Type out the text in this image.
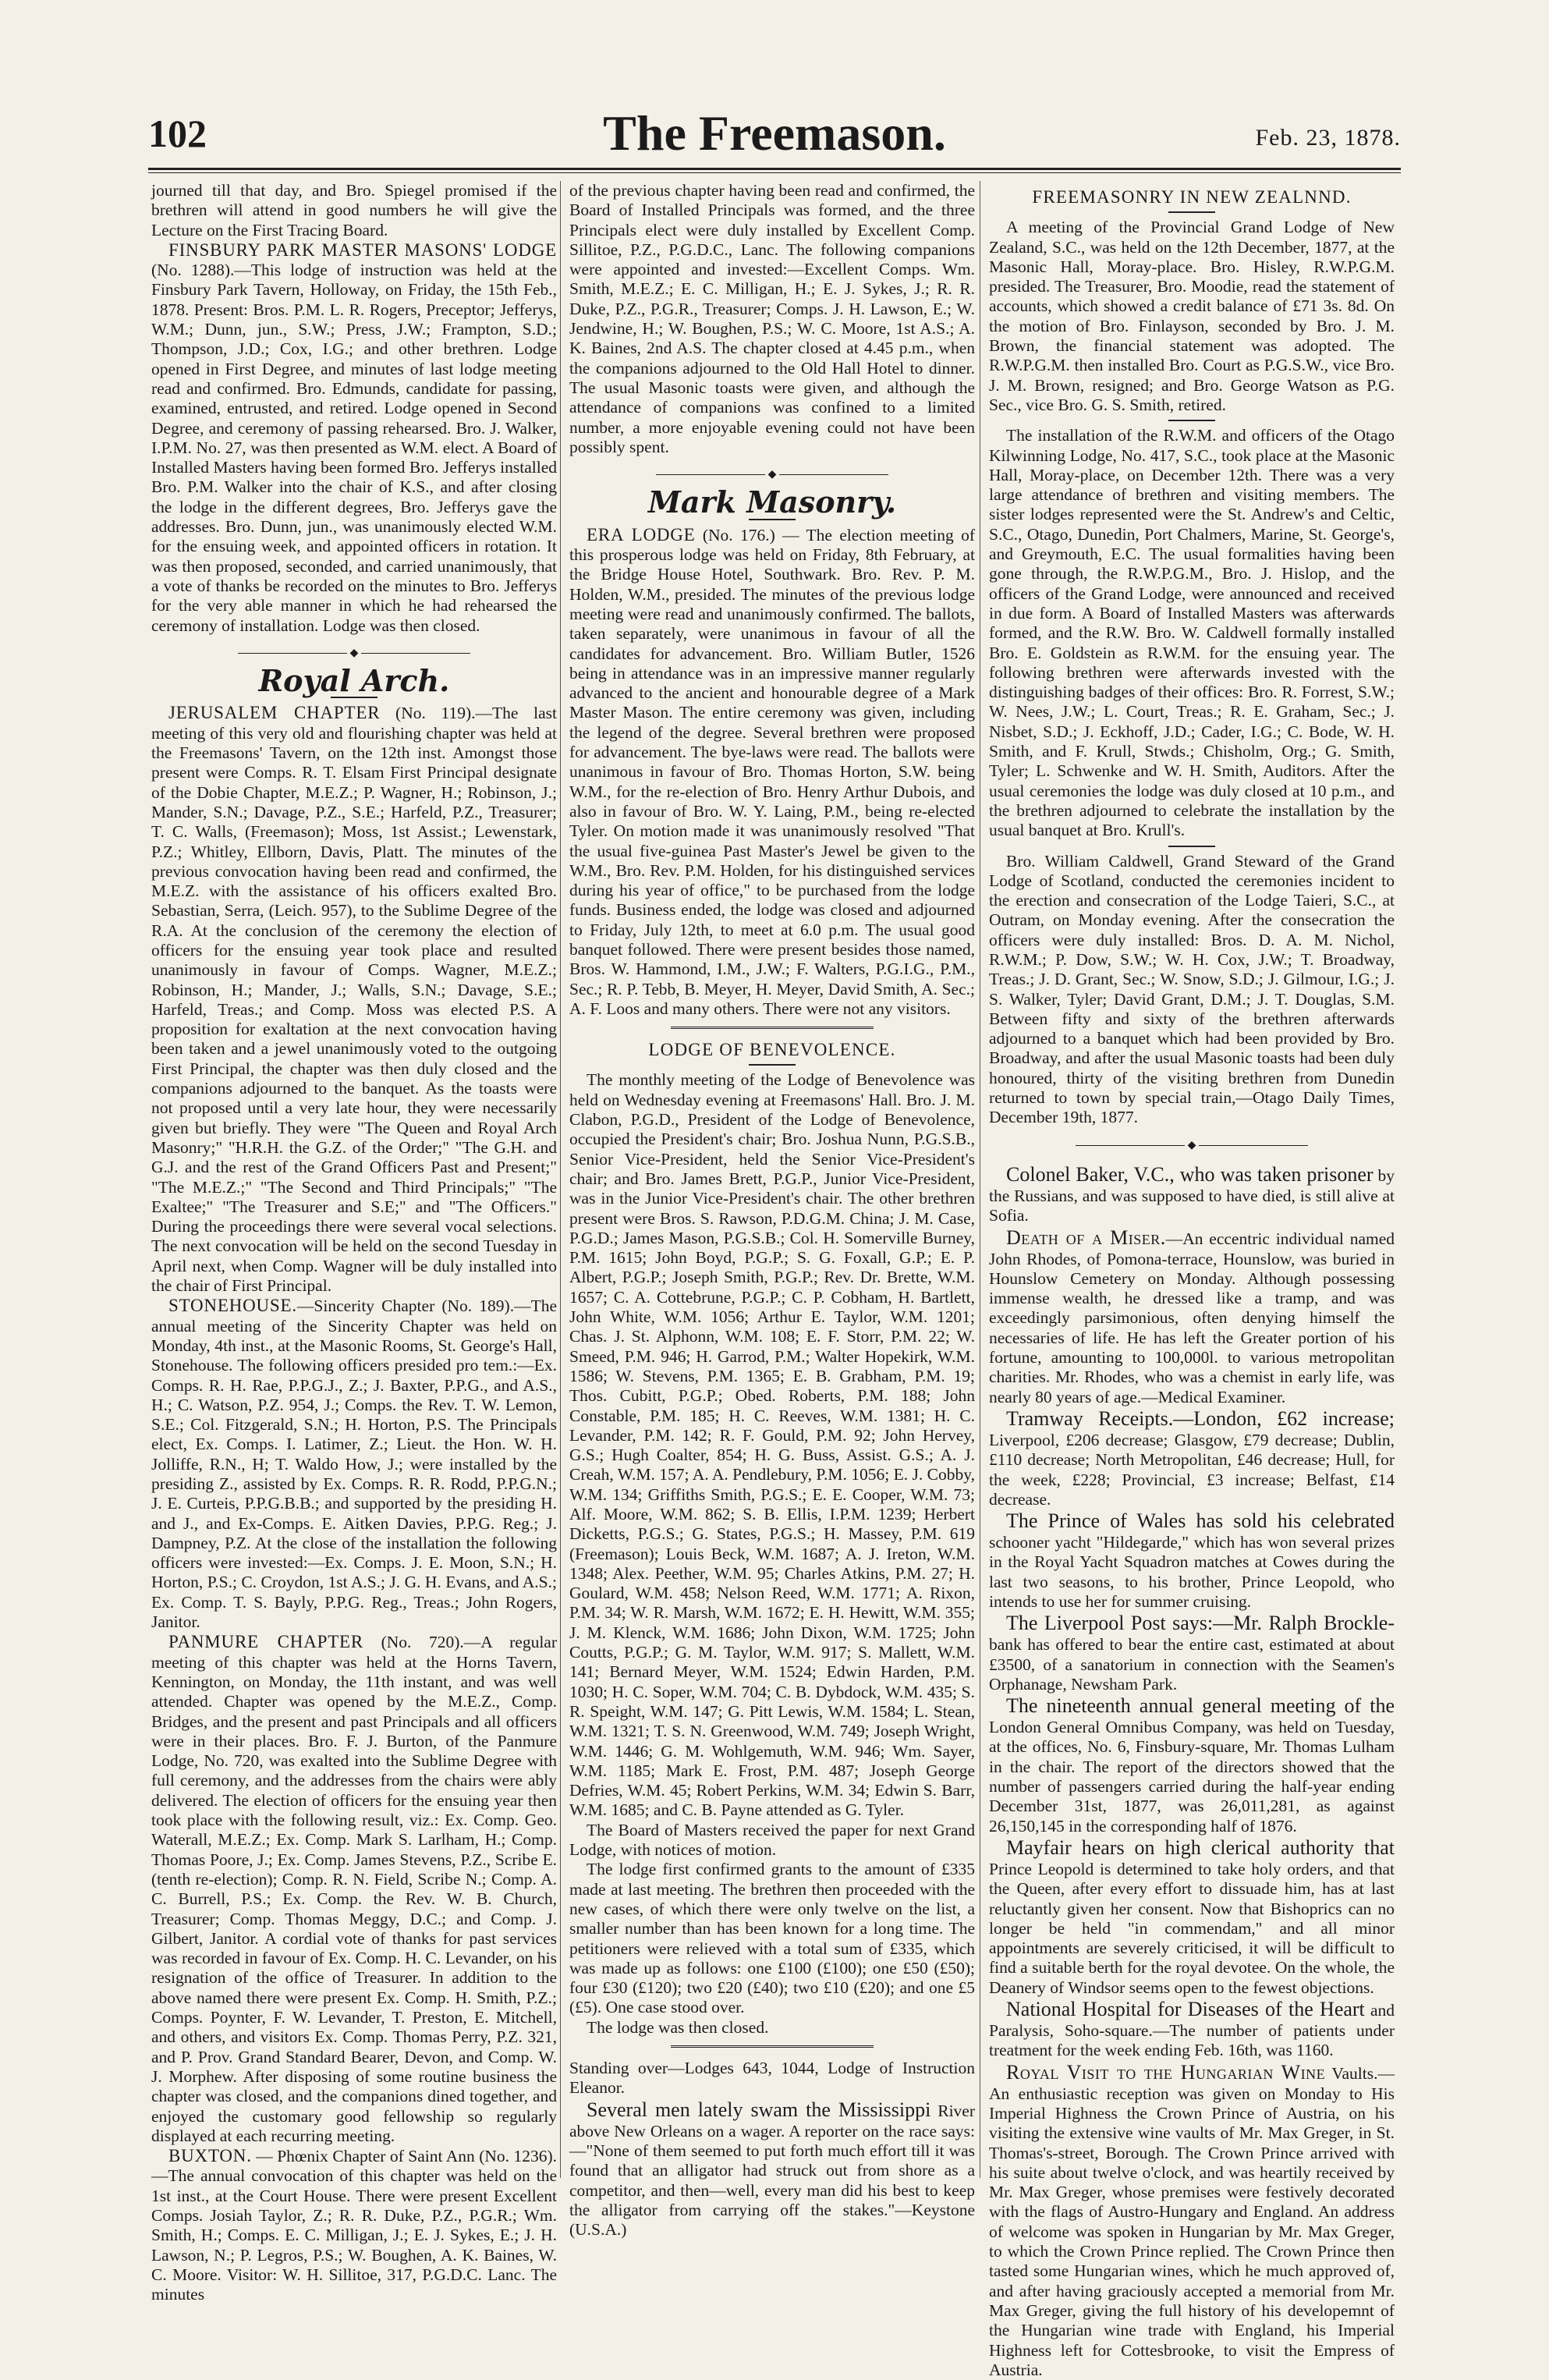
102	The Freemason.	Feb. 23, 1878.

journed till that day, and Bro. Spiegel promised if the brethren will attend in good numbers he will give the Lecture on the First Tracing Board.

FINSBURY PARK MASTER MASONS' LODGE (No. 1288).—This lodge of instruction was held at the Finsbury Park Tavern, Holloway, on Friday, the 15th Feb., 1878. Present: Bros. P.M. L. R. Rogers, Preceptor; Jefferys, W.M.; Dunn, jun., S.W.; Press, J.W.; Frampton, S.D.; Thompson, J.D.; Cox, I.G.; and other brethren. Lodge opened in First Degree, and minutes of last lodge meeting read and confirmed. Bro. Edmunds, candidate for passing, examined, entrusted, and retired. Lodge opened in Second Degree, and ceremony of passing rehearsed. Bro. J. Walker, I.P.M. No. 27, was then presented as W.M. elect. A Board of Installed Masters having been formed Bro. Jefferys installed Bro. P.M. Walker into the chair of K.S., and after closing the lodge in the different degrees, Bro. Jefferys gave the addresses. Bro. Dunn, jun., was unanimously elected W.M. for the ensuing week, and appointed officers in rotation. It was then proposed, seconded, and carried unanimously, that a vote of thanks be recorded on the minutes to Bro. Jefferys for the very able manner in which he had rehearsed the ceremony of installation. Lodge was then closed.

◆
Royal Arch.

JERUSALEM CHAPTER (No. 119).—The last meeting of this very old and flourishing chapter was held at the Freemasons' Tavern, on the 12th inst. Amongst those present were Comps. R. T. Elsam First Principal designate of the Dobie Chapter, M.E.Z.; P. Wagner, H.; Robinson, J.; Mander, S.N.; Davage, P.Z., S.E.; Harfeld, P.Z., Treasurer; T. C. Walls, (Freemason); Moss, 1st Assist.; Lewenstark, P.Z.; Whitley, Ellborn, Davis, Platt. The minutes of the previous convocation having been read and confirmed, the M.E.Z. with the assistance of his officers exalted Bro. Sebastian, Serra, (Leich. 957), to the Sublime Degree of the R.A. At the conclusion of the ceremony the election of officers for the ensuing year took place and resulted unanimously in favour of Comps. Wagner, M.E.Z.; Robinson, H.; Mander, J.; Walls, S.N.; Davage, S.E.; Harfeld, Treas.; and Comp. Moss was elected P.S. A proposition for exaltation at the next convocation having been taken and a jewel unanimously voted to the outgoing First Principal, the chapter was then duly closed and the companions adjourned to the banquet. As the toasts were not proposed until a very late hour, they were necessarily given but briefly. They were "The Queen and Royal Arch Masonry;" "H.R.H. the G.Z. of the Order;" "The G.H. and G.J. and the rest of the Grand Officers Past and Present;" "The M.E.Z.;" "The Second and Third Principals;" "The Exaltee;" "The Treasurer and S.E;" and "The Officers." During the proceedings there were several vocal selections. The next convocation will be held on the second Tuesday in April next, when Comp. Wagner will be duly installed into the chair of First Principal.

STONEHOUSE.—Sincerity Chapter (No. 189).—The annual meeting of the Sincerity Chapter was held on Monday, 4th inst., at the Masonic Rooms, St. George's Hall, Stonehouse. The following officers presided pro tem.:—Ex. Comps. R. H. Rae, P.P.G.J., Z.; J. Baxter, P.P.G., and A.S., H.; C. Watson, P.Z. 954, J.; Comps. the Rev. T. W. Lemon, S.E.; Col. Fitzgerald, S.N.; H. Horton, P.S. The Principals elect, Ex. Comps. I. Latimer, Z.; Lieut. the Hon. W. H. Jolliffe, R.N., H; T. Waldo How, J.; were installed by the presiding Z., assisted by Ex. Comps. R. R. Rodd, P.P.G.N.; J. E. Curteis, P.P.G.B.B.; and supported by the presiding H. and J., and Ex-Comps. E. Aitken Davies, P.P.G. Reg.; J. Dampney, P.Z. At the close of the installation the following officers were invested:—Ex. Comps. J. E. Moon, S.N.; H. Horton, P.S.; C. Croydon, 1st A.S.; J. G. H. Evans, and A.S.; Ex. Comp. T. S. Bayly, P.P.G. Reg., Treas.; John Rogers, Janitor.

PANMURE CHAPTER (No. 720).—A regular meeting of this chapter was held at the Horns Tavern, Kennington, on Monday, the 11th instant, and was well attended. Chapter was opened by the M.E.Z., Comp. Bridges, and the present and past Principals and all officers were in their places. Bro. F. J. Burton, of the Panmure Lodge, No. 720, was exalted into the Sublime Degree with full ceremony, and the addresses from the chairs were ably delivered. The election of officers for the ensuing year then took place with the following result, viz.: Ex. Comp. Geo. Waterall, M.E.Z.; Ex. Comp. Mark S. Larlham, H.; Comp. Thomas Poore, J.; Ex. Comp. James Stevens, P.Z., Scribe E. (tenth re-election); Comp. R. N. Field, Scribe N.; Comp. A. C. Burrell, P.S.; Ex. Comp. the Rev. W. B. Church, Treasurer; Comp. Thomas Meggy, D.C.; and Comp. J. Gilbert, Janitor. A cordial vote of thanks for past services was recorded in favour of Ex. Comp. H. C. Levander, on his resignation of the office of Treasurer. In addition to the above named there were present Ex. Comp. H. Smith, P.Z.; Comps. Poynter, F. W. Levander, T. Preston, E. Mitchell, and others, and visitors Ex. Comp. Thomas Perry, P.Z. 321, and P. Prov. Grand Standard Bearer, Devon, and Comp. W. J. Morphew. After disposing of some routine business the chapter was closed, and the companions dined together, and enjoyed the customary good fellowship so regularly displayed at each recurring meeting.

BUXTON. — Phœnix Chapter of Saint Ann (No. 1236).—The annual convocation of this chapter was held on the 1st inst., at the Court House. There were present Excellent Comps. Josiah Taylor, Z.; R. R. Duke, P.Z., P.G.R.; Wm. Smith, H.; Comps. E. C. Milligan, J.; E. J. Sykes, E.; J. H. Lawson, N.; P. Legros, P.S.; W. Boughen, A. K. Baines, W. C. Moore. Visitor: W. H. Sillitoe, 317, P.G.D.C. Lanc. The minutes

of the previous chapter having been read and confirmed, the Board of Installed Principals was formed, and the three Principals elect were duly installed by Excellent Comp. Sillitoe, P.Z., P.G.D.C., Lanc. The following companions were appointed and invested:—Excellent Comps. Wm. Smith, M.E.Z.; E. C. Milligan, H.; E. J. Sykes, J.; R. R. Duke, P.Z., P.G.R., Treasurer; Comps. J. H. Lawson, E.; W. Jendwine, H.; W. Boughen, P.S.; W. C. Moore, 1st A.S.; A. K. Baines, 2nd A.S. The chapter closed at 4.45 p.m., when the companions adjourned to the Old Hall Hotel to dinner. The usual Masonic toasts were given, and although the attendance of companions was confined to a limited number, a more enjoyable evening could not have been possibly spent.

◆
Mark Masonry.

ERA LODGE (No. 176.) — The election meeting of this prosperous lodge was held on Friday, 8th February, at the Bridge House Hotel, Southwark. Bro. Rev. P. M. Holden, W.M., presided. The minutes of the previous lodge meeting were read and unanimously confirmed. The ballots, taken separately, were unanimous in favour of all the candidates for advancement. Bro. William Butler, 1526 being in attendance was in an impressive manner regularly advanced to the ancient and honourable degree of a Mark Master Mason. The entire ceremony was given, including the legend of the degree. Several brethren were proposed for advancement. The bye-laws were read. The ballots were unanimous in favour of Bro. Thomas Horton, S.W. being W.M., for the re-election of Bro. Henry Arthur Dubois, and also in favour of Bro. W. Y. Laing, P.M., being re-elected Tyler. On motion made it was unanimously resolved "That the usual five-guinea Past Master's Jewel be given to the W.M., Bro. Rev. P.M. Holden, for his distinguished services during his year of office," to be purchased from the lodge funds. Business ended, the lodge was closed and adjourned to Friday, July 12th, to meet at 6.0 p.m. The usual good banquet followed. There were present besides those named, Bros. W. Hammond, I.M., J.W.; F. Walters, P.G.I.G., P.M., Sec.; R. P. Tebb, B. Meyer, H. Meyer, David Smith, A. Sec.; A. F. Loos and many others. There were not any visitors.

LODGE OF BENEVOLENCE.

The monthly meeting of the Lodge of Benevolence was held on Wednesday evening at Freemasons' Hall. Bro. J. M. Clabon, P.G.D., President of the Lodge of Benevolence, occupied the President's chair; Bro. Joshua Nunn, P.G.S.B., Senior Vice-President, held the Senior Vice-President's chair; and Bro. James Brett, P.G.P., Junior Vice-President, was in the Junior Vice-President's chair. The other brethren present were Bros. S. Rawson, P.D.G.M. China; J. M. Case, P.G.D.; James Mason, P.G.S.B.; Col. H. Somerville Burney, P.M. 1615; John Boyd, P.G.P.; S. G. Foxall, G.P.; E. P. Albert, P.G.P.; Joseph Smith, P.G.P.; Rev. Dr. Brette, W.M. 1657; C. A. Cottebrune, P.G.P.; C. P. Cobham, H. Bartlett, John White, W.M. 1056; Arthur E. Taylor, W.M. 1201; Chas. J. St. Alphonn, W.M. 108; E. F. Storr, P.M. 22; W. Smeed, P.M. 946; H. Garrod, P.M.; Walter Hopekirk, W.M. 1586; W. Stevens, P.M. 1365; E. B. Grabham, P.M. 19; Thos. Cubitt, P.G.P.; Obed. Roberts, P.M. 188; John Constable, P.M. 185; H. C. Reeves, W.M. 1381; H. C. Levander, P.M. 142; R. F. Gould, P.M. 92; John Hervey, G.S.; Hugh Coalter, 854; H. G. Buss, Assist. G.S.; A. J. Creah, W.M. 157; A. A. Pendlebury, P.M. 1056; E. J. Cobby, W.M. 134; Griffiths Smith, P.G.S.; E. E. Cooper, W.M. 73; Alf. Moore, W.M. 862; S. B. Ellis, I.P.M. 1239; Herbert Dicketts, P.G.S.; G. States, P.G.S.; H. Massey, P.M. 619 (Freemason); Louis Beck, W.M. 1687; A. J. Ireton, W.M. 1348; Alex. Peether, W.M. 95; Charles Atkins, P.M. 27; H. Goulard, W.M. 458; Nelson Reed, W.M. 1771; A. Rixon, P.M. 34; W. R. Marsh, W.M. 1672; E. H. Hewitt, W.M. 355; J. M. Klenck, W.M. 1686; John Dixon, W.M. 1725; John Coutts, P.G.P.; G. M. Taylor, W.M. 917; S. Mallett, W.M. 141; Bernard Meyer, W.M. 1524; Edwin Harden, P.M. 1030; H. C. Soper, W.M. 704; C. B. Dybdock, W.M. 435; S. R. Speight, W.M. 147; G. Pitt Lewis, W.M. 1584; L. Stean, W.M. 1321; T. S. N. Greenwood, W.M. 749; Joseph Wright, W.M. 1446; G. M. Wohlgemuth, W.M. 946; Wm. Sayer, W.M. 1185; Mark E. Frost, P.M. 487; Joseph George Defries, W.M. 45; Robert Perkins, W.M. 34; Edwin S. Barr, W.M. 1685; and C. B. Payne attended as G. Tyler.

The Board of Masters received the paper for next Grand Lodge, with notices of motion.

The lodge first confirmed grants to the amount of £335 made at last meeting. The brethren then proceeded with the new cases, of which there were only twelve on the list, a smaller number than has been known for a long time. The petitioners were relieved with a total sum of £335, which was made up as follows: one £100 (£100); one £50 (£50); four £30 (£120); two £20 (£40); two £10 (£20); and one £5 (£5). One case stood over.

The lodge was then closed.

Standing over—Lodges 643, 1044, Lodge of Instruction Eleanor.

Several men lately swam the Mississippi River above New Orleans on a wager. A reporter on the race says:—"None of them seemed to put forth much effort till it was found that an alligator had struck out from shore as a competitor, and then—well, every man did his best to keep the alligator from carrying off the stakes."—Keystone (U.S.A.)

FREEMASONRY IN NEW ZEALNND.

A meeting of the Provincial Grand Lodge of New Zealand, S.C., was held on the 12th December, 1877, at the Masonic Hall, Moray-place. Bro. Hisley, R.W.P.G.M. presided. The Treasurer, Bro. Moodie, read the statement of accounts, which showed a credit balance of £71 3s. 8d. On the motion of Bro. Finlayson, seconded by Bro. J. M. Brown, the financial statement was adopted. The R.W.P.G.M. then installed Bro. Court as P.G.S.W., vice Bro. J. M. Brown, resigned; and Bro. George Watson as P.G. Sec., vice Bro. G. S. Smith, retired.

The installation of the R.W.M. and officers of the Otago Kilwinning Lodge, No. 417, S.C., took place at the Masonic Hall, Moray-place, on December 12th. There was a very large attendance of brethren and visiting members. The sister lodges represented were the St. Andrew's and Celtic, S.C., Otago, Dunedin, Port Chalmers, Marine, St. George's, and Greymouth, E.C. The usual formalities having been gone through, the R.W.P.G.M., Bro. J. Hislop, and the officers of the Grand Lodge, were announced and received in due form. A Board of Installed Masters was afterwards formed, and the R.W. Bro. W. Caldwell formally installed Bro. E. Goldstein as R.W.M. for the ensuing year. The following brethren were afterwards invested with the distinguishing badges of their offices: Bro. R. Forrest, S.W.; W. Nees, J.W.; L. Court, Treas.; R. E. Graham, Sec.; J. Nisbet, S.D.; J. Eckhoff, J.D.; Cader, I.G.; C. Bode, W. H. Smith, and F. Krull, Stwds.; Chisholm, Org.; G. Smith, Tyler; L. Schwenke and W. H. Smith, Auditors. After the usual ceremonies the lodge was duly closed at 10 p.m., and the brethren adjourned to celebrate the installation by the usual banquet at Bro. Krull's.

Bro. William Caldwell, Grand Steward of the Grand Lodge of Scotland, conducted the ceremonies incident to the erection and consecration of the Lodge Taieri, S.C., at Outram, on Monday evening. After the consecration the officers were duly installed: Bros. D. A. M. Nichol, R.W.M.; P. Dow, S.W.; W. H. Cox, J.W.; T. Broadway, Treas.; J. D. Grant, Sec.; W. Snow, S.D.; J. Gilmour, I.G.; J. S. Walker, Tyler; David Grant, D.M.; J. T. Douglas, S.M. Between fifty and sixty of the brethren afterwards adjourned to a banquet which had been provided by Bro. Broadway, and after the usual Masonic toasts had been duly honoured, thirty of the visiting brethren from Dunedin returned to town by special train,—Otago Daily Times, December 19th, 1877.

◆

Colonel Baker, V.C., who was taken prisoner by the Russians, and was supposed to have died, is still alive at Sofia.

Death of a Miser.—An eccentric individual named John Rhodes, of Pomona-terrace, Hounslow, was buried in Hounslow Cemetery on Monday. Although possessing immense wealth, he dressed like a tramp, and was exceedingly parsimonious, often denying himself the necessaries of life. He has left the Greater portion of his fortune, amounting to 100,000l. to various metropolitan charities. Mr. Rhodes, who was a chemist in early life, was nearly 80 years of age.—Medical Examiner.

Tramway Receipts.—London, £62 increase; Liverpool, £206 decrease; Glasgow, £79 decrease; Dublin, £110 decrease; North Metropolitan, £46 decrease; Hull, for the week, £228; Provincial, £3 increase; Belfast, £14 decrease.

The Prince of Wales has sold his celebrated schooner yacht "Hildegarde," which has won several prizes in the Royal Yacht Squadron matches at Cowes during the last two seasons, to his brother, Prince Leopold, who intends to use her for summer cruising.

The Liverpool Post says:—Mr. Ralph Brockle- bank has offered to bear the entire cast, estimated at about £3500, of a sanatorium in connection with the Seamen's Orphanage, Newsham Park.

The nineteenth annual general meeting of the London General Omnibus Company, was held on Tuesday, at the offices, No. 6, Finsbury-square, Mr. Thomas Lulham in the chair. The report of the directors showed that the number of passengers carried during the half-year ending December 31st, 1877, was 26,011,281, as against 26,150,145 in the corresponding half of 1876.

Mayfair hears on high clerical authority that Prince Leopold is determined to take holy orders, and that the Queen, after every effort to dissuade him, has at last reluctantly given her consent. Now that Bishoprics can no longer be held "in commendam," and all minor appointments are severely criticised, it will be difficult to find a suitable berth for the royal devotee. On the whole, the Deanery of Windsor seems open to the fewest objections.

National Hospital for Diseases of the Heart and Paralysis, Soho-square.—The number of patients under treatment for the week ending Feb. 16th, was 1160.

Royal Visit to the Hungarian Wine Vaults.—An enthusiastic reception was given on Monday to His Imperial Highness the Crown Prince of Austria, on his visiting the extensive wine vaults of Mr. Max Greger, in St. Thomas's-street, Borough. The Crown Prince arrived with his suite about twelve o'clock, and was heartily received by Mr. Max Greger, whose premises were festively decorated with the flags of Austro-Hungary and England. An address of welcome was spoken in Hungarian by Mr. Max Greger, to which the Crown Prince replied. The Crown Prince then tasted some Hungarian wines, which he much approved of, and after having graciously accepted a memorial from Mr. Max Greger, giving the full history of his developemnt of the Hungarian wine trade with England, his Imperial Highness left for Cottesbrooke, to visit the Empress of Austria.
